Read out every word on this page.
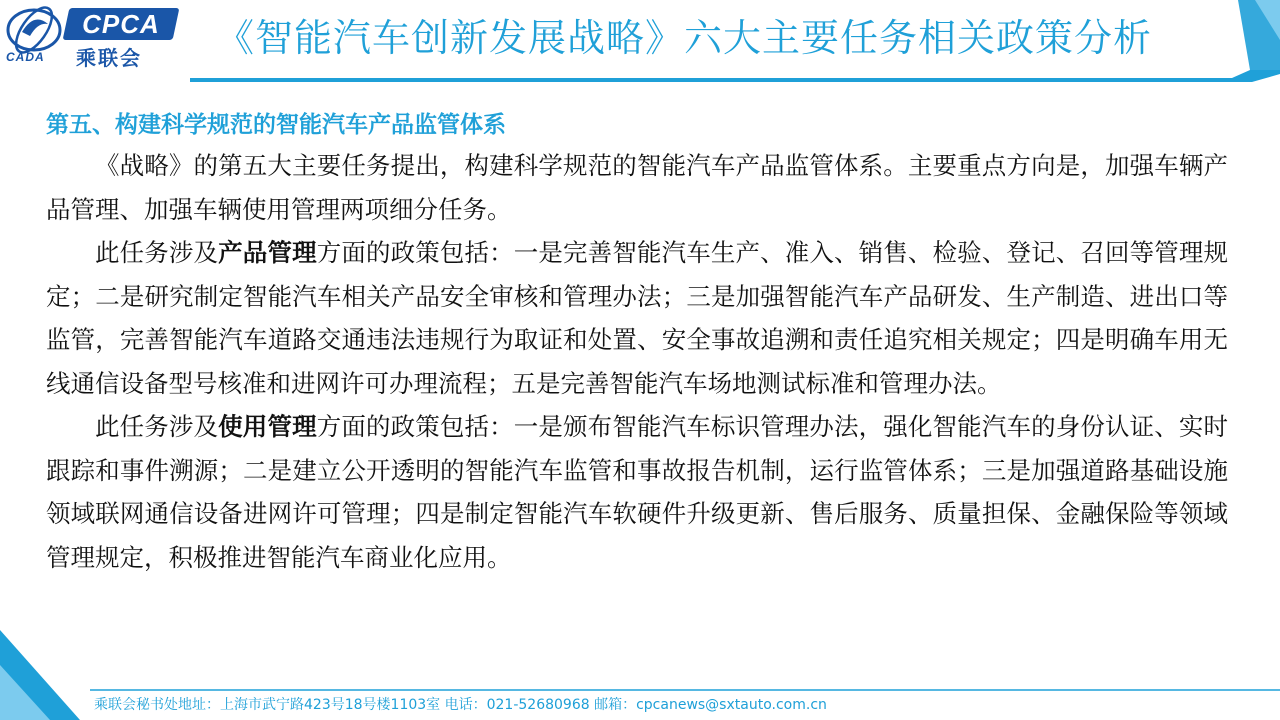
CADA
CPCA
乘联会 《智能汽车创新发展战略》六大主要任务相关政策分析

第五、构建科学规范的智能汽车产品监管体系

《战略》的第五大主要任务提出，构建科学规范的智能汽车产品监管体系。主要重点方向是，加强车辆产品管理、加强车辆使用管理两项细分任务。

此任务涉及产品管理方面的政策包括：一是完善智能汽车生产、准入、销售、检验、登记、召回等管理规定；二是研究制定智能汽车相关产品安全审核和管理办法；三是加强智能汽车产品研发、生产制造、进出口等监管，完善智能汽车道路交通违法违规行为取证和处置、安全事故追溯和责任追究相关规定；四是明确车用无线通信设备型号核准和进网许可办理流程；五是完善智能汽车场地测试标准和管理办法。

此任务涉及使用管理方面的政策包括：一是颁布智能汽车标识管理办法，强化智能汽车的身份认证、实时跟踪和事件溯源；二是建立公开透明的智能汽车监管和事故报告机制，运行监管体系；三是加强道路基础设施领域联网通信设备进网许可管理；四是制定智能汽车软硬件升级更新、售后服务、质量担保、金融保险等领域管理规定，积极推进智能汽车商业化应用。

乘联会秘书处地址：上海市武宁路423号18号楼1103室 电话：021-52680968 邮箱：cpcanews@sxtauto.com.cn
